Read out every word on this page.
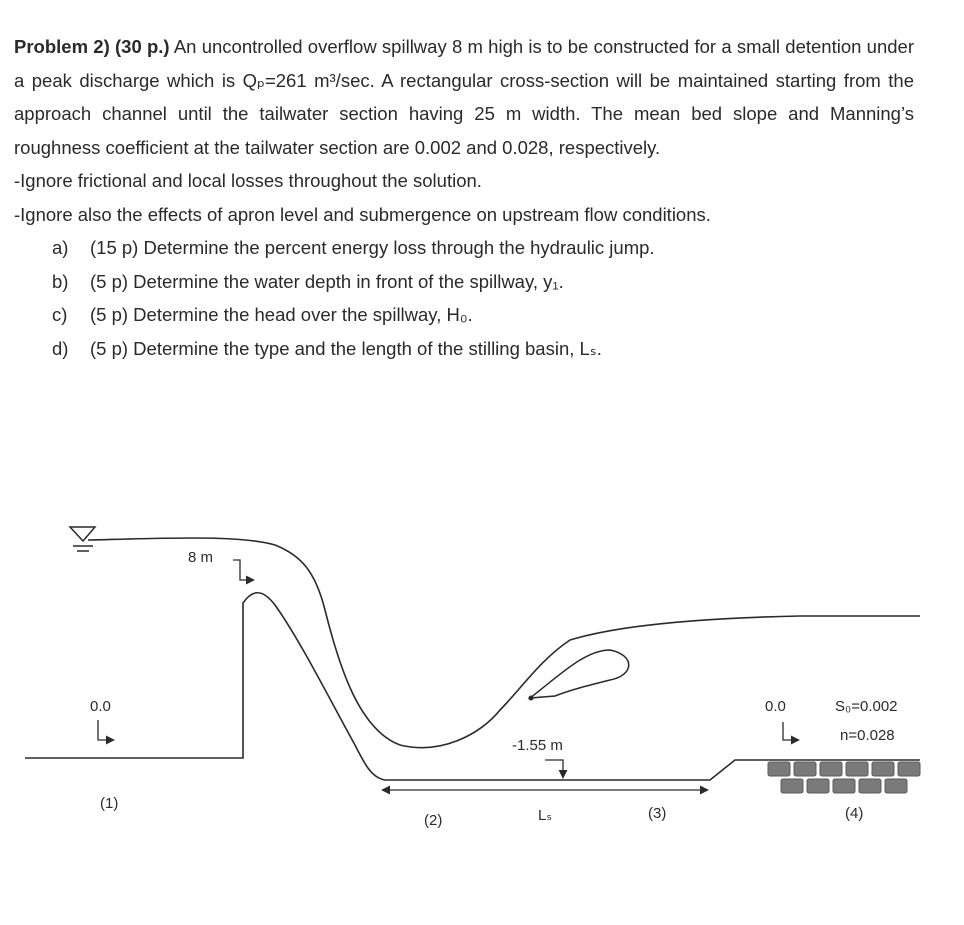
Problem 2) (30 p.) An uncontrolled overflow spillway 8 m high is to be constructed for a small detention under a peak discharge which is Qₚ=261 m³/sec. A rectangular cross-section will be maintained starting from the approach channel until the tailwater section having 25 m width. The mean bed slope and Manning’s roughness coefficient at the tailwater section are 0.002 and 0.028, respectively.

-Ignore frictional and local losses throughout the solution.

-Ignore also the effects of apron level and submergence on upstream flow conditions.

a)	(15 p) Determine the percent energy loss through the hydraulic jump.
b)	(5 p) Determine the water depth in front of the spillway, y₁.
c)	(5 p) Determine the head over the spillway, H₀.
d)	(5 p) Determine the type and the length of the stilling basin, Lₛ.
8 m
0.0
-1.55 m
Lₛ
0.0	S₀=0.002
n=0.028
(1)
(2)	(3)	(4)
